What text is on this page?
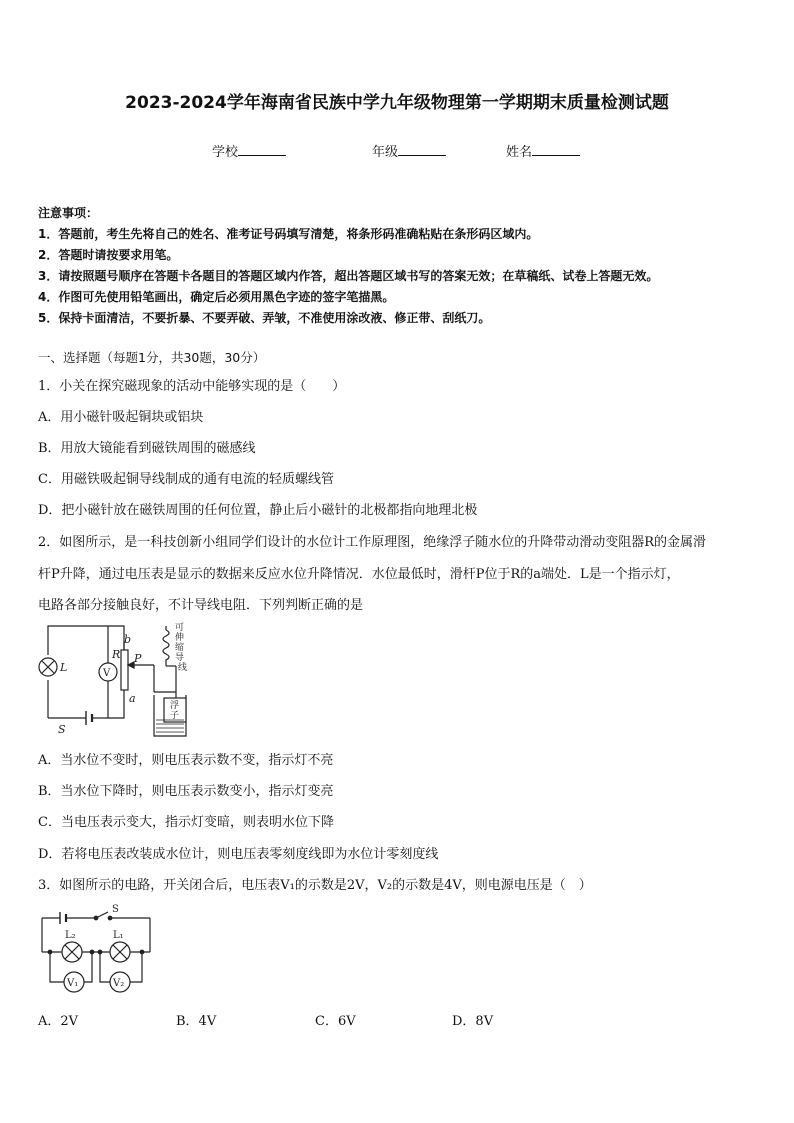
2023-2024学年海南省民族中学九年级物理第一学期期末质量检测试题
学校	年级	姓名
注意事项：
1．答题前，考生先将自己的姓名、准考证号码填写清楚，将条形码准确粘贴在条形码区域内。
2．答题时请按要求用笔。
3．请按照题号顺序在答题卡各题目的答题区域内作答，超出答题区域书写的答案无效；在草稿纸、试卷上答题无效。
4．作图可先使用铅笔画出，确定后必须用黑色字迹的签字笔描黑。
5．保持卡面清洁，不要折暴、不要弄破、弄皱，不准使用涂改液、修正带、刮纸刀。
一、选择题（每题1分，共30题，30分）
1．小关在探究磁现象的活动中能够实现的是（　　）
A．用小磁针吸起铜块或铝块
B．用放大镜能看到磁铁周围的磁感线
C．用磁铁吸起铜导线制成的通有电流的轻质螺线管
D．把小磁针放在磁铁周围的任何位置，静止后小磁针的北极都指向地理北极
2．如图所示，是一科技创新小组同学们设计的水位计工作原理图，绝缘浮子随水位的升降带动滑动变阻器R的金属滑
杆P升降，通过电压表是显示的数据来反应水位升降情况．水位最低时，滑杆P位于R的a端处．L是一个指示灯，
电路各部分接触良好，不计导线电阻．下列判断正确的是
L	V
R P
b
a
S
可
伸
缩
导
线
浮
子
A．当水位不变时，则电压表示数不变，指示灯不亮
B．当水位下降时，则电压表示数变小，指示灯变亮
C．当电压表示变大，指示灯变暗，则表明水位下降
D．若将电压表改装成水位计，则电压表零刻度线即为水位计零刻度线
3．如图所示的电路，开关闭合后，电压表V₁的示数是2V，V₂的示数是4V，则电源电压是（　）
S
L₂	L₁
V₁	V₂
A．2V	B．4V	C．6V	D．8V
